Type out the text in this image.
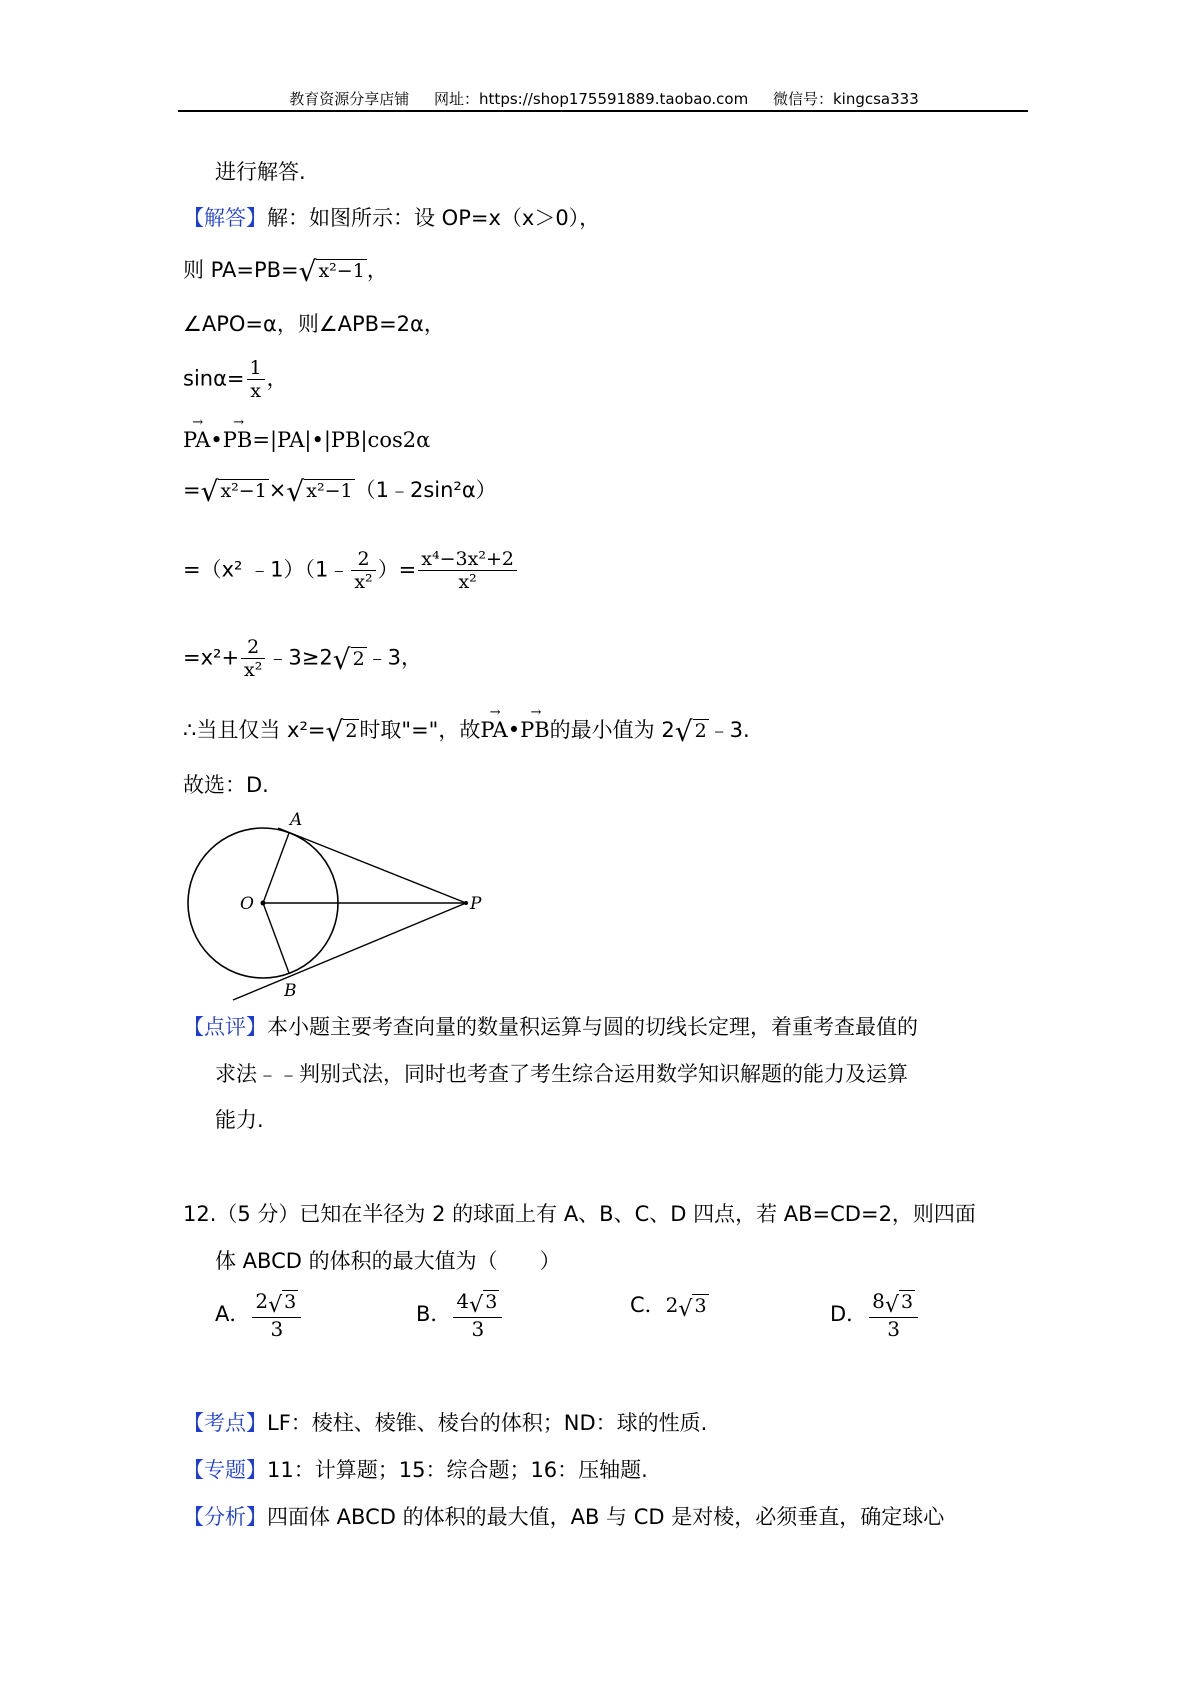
教育资源分享店铺 网址：https://shop175591889.taobao.com 微信号：kingcsa333
进行解答.
【解答】解：如图所示：设 OP=x（x＞0），
则 PA=PB=√ x²−1，
∠APO=α，则∠APB=2α，
$\sin\alpha= \frac{1}{x}$ ，
→ PA•→ PB=|PA|•|PB|cos2α
=√ x²−1×√ x²−1（1﹣2sin²α）
=（x² ﹣1）（1﹣ $\frac{2}{\text{x²}}$ ）= $\frac{\text{x⁴−3x²+2}}{\text{x²}}$
$=x^2+ \frac{2}{\text{x²}}$ ﹣3≥2√ 2﹣3，
∴当且仅当 x²=√ 2时取"="，故→ PA•→ PB的最小值为 2√ 2﹣3.
故选：D.
A
O	P
B
【点评】本小题主要考查向量的数量积运算与圆的切线长定理，着重考查最值的
求法﹣﹣判别式法，同时也考查了考生综合运用数学知识解题的能力及运算
能力.
12.（5 分）已知在半径为 2 的球面上有 A、B、C、D 四点，若 AB=CD=2，则四面
体 ABCD 的体积的最大值为（　　）
A． $\frac{2√ 3}{3}$	B． $\frac{4√ 3}{3}$	C．2√ 3	D． $\frac{8√ 3}{3}$
【考点】LF：棱柱、棱锥、棱台的体积；ND：球的性质.
【专题】11：计算题；15：综合题；16：压轴题.
【分析】四面体 ABCD 的体积的最大值，AB 与 CD 是对棱，必须垂直，确定球心
